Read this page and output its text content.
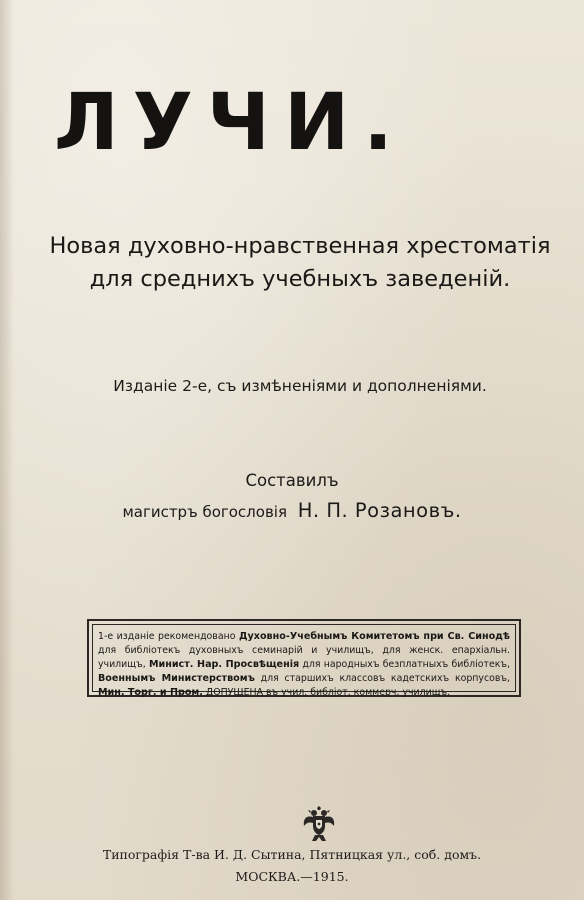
ЛУЧИ.
Новая духовно-нравственная хрестоматія
для среднихъ учебныхъ заведеній.
Изданіе 2-е, съ измѣненіями и дополненіями.
Составилъ
магистръ богословія Н. П. Розановъ.
1-е изданіе рекомендовано Духовно-Учебнымъ Комитетомъ при Св. Синодѣ для библіотекъ духовныхъ семинарій и училищъ, для женск. епархіальн. училищъ, Минист. Нар. Просвѣщенія для народныхъ безплатныхъ библіотекъ, Военнымъ Министерствомъ для старшихъ классовъ кадетскихъ корпусовъ, Мин. Торг. и Пром. ДОПУЩЕНА въ учил. библіот. коммерч. училищъ.
Типографія Т-ва И. Д. Сытина, Пятницкая ул., соб. домъ.
МОСКВА.—1915.
